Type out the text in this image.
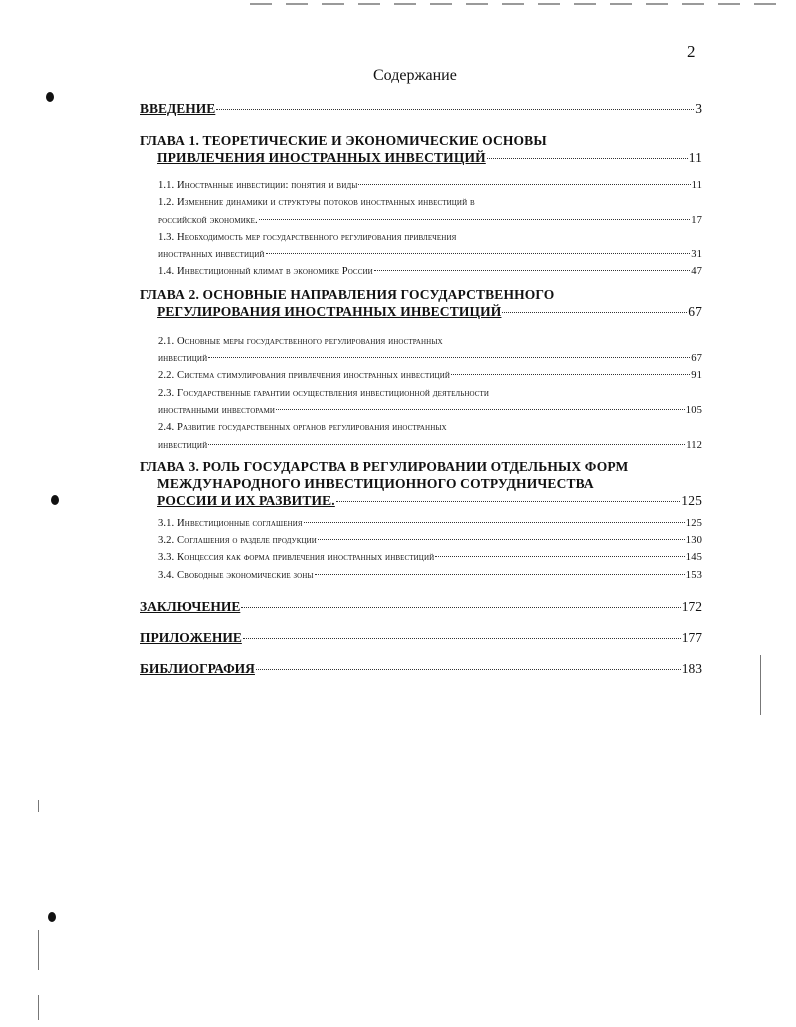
2
Содержание
ВВЕДЕНИЕ	3
ГЛАВА 1. ТЕОРЕТИЧЕСКИЕ И ЭКОНОМИЧЕСКИЕ ОСНОВЫ
ПРИВЛЕЧЕНИЯ ИНОСТРАННЫХ ИНВЕСТИЦИЙ	11
1.1. Иностранные инвестиции: понятия и виды	11
1.2. Изменение динамики и структуры потоков иностранных инвестиций в
российской экономике.	17
1.3. Необходимость мер государственного регулирования привлечения
иностранных инвестиций	31
1.4. Инвестиционный климат в экономике России	47
ГЛАВА 2. ОСНОВНЫЕ НАПРАВЛЕНИЯ ГОСУДАРСТВЕННОГО
РЕГУЛИРОВАНИЯ ИНОСТРАННЫХ ИНВЕСТИЦИЙ	67
2.1. Основные меры государственного регулирования иностранных
инвестиций	67
2.2. Система стимулирования привлечения иностранных инвестиций	91
2.3. Государственные гарантии осуществления инвестиционной деятельности
иностранными инвесторами	105
2.4. Развитие государственных органов регулирования иностранных
инвестиций	112
ГЛАВА 3. РОЛЬ ГОСУДАРСТВА В РЕГУЛИРОВАНИИ ОТДЕЛЬНЫХ ФОРМ
МЕЖДУНАРОДНОГО ИНВЕСТИЦИОННОГО СОТРУДНИЧЕСТВА
РОССИИ И ИХ РАЗВИТИЕ.	125
3.1. Инвестиционные соглашения	125
3.2. Соглашения о разделе продукции	130
3.3. Концессия как форма привлечения иностранных инвестиций	145
3.4. Свободные экономические зоны	153
ЗАКЛЮЧЕНИЕ	172
ПРИЛОЖЕНИЕ	177
БИБЛИОГРАФИЯ	183
